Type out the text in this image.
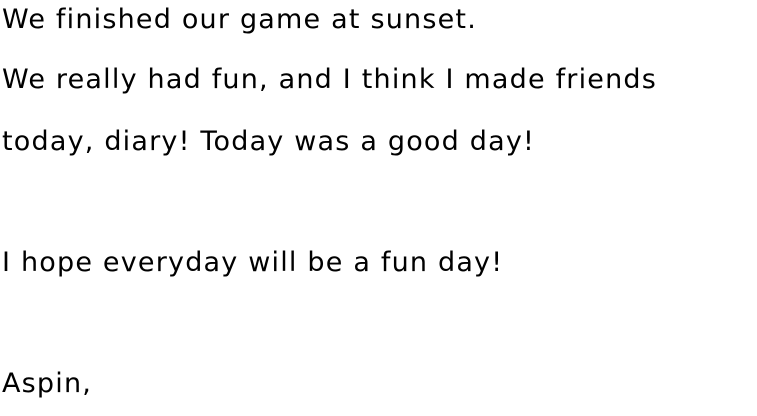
We finished our game at sunset.
We really had fun, and I think I made friends
today, diary! Today was a good day!
I hope everyday will be a fun day!
Aspin,
